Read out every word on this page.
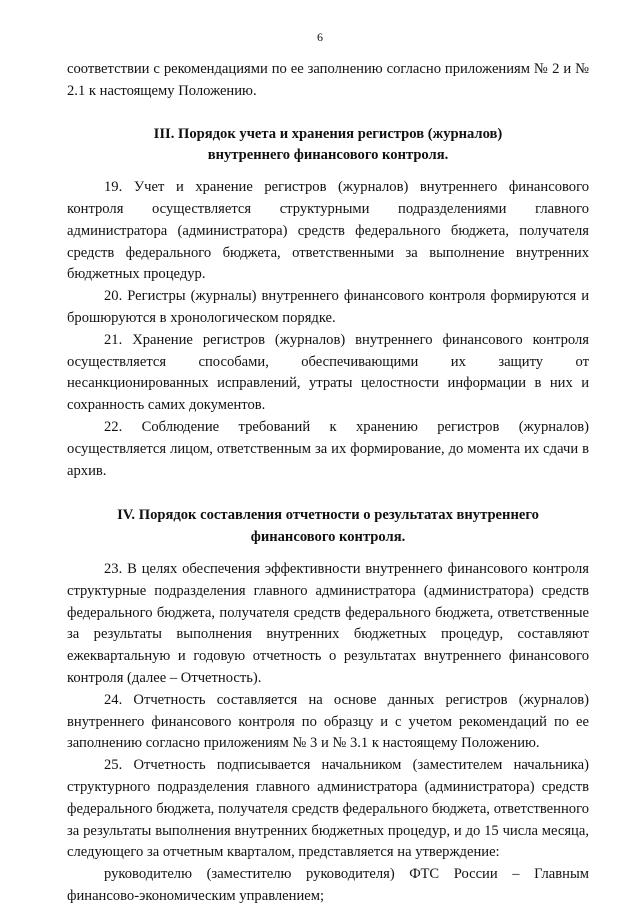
6

соответствии с рекомендациями по ее заполнению согласно приложениям № 2 и № 2.1 к настоящему Положению.

III. Порядок учета и хранения регистров (журналов)
внутреннего финансового контроля.

19. Учет и хранение регистров (журналов) внутреннего финансового контроля осуществляется структурными подразделениями главного администратора (администратора) средств федерального бюджета, получателя средств федерального бюджета, ответственными за выполнение внутренних бюджетных процедур.

20. Регистры (журналы) внутреннего финансового контроля формируются и брошюруются в хронологическом порядке.

21. Хранение регистров (журналов) внутреннего финансового контроля осуществляется способами, обеспечивающими их защиту от несанкционированных исправлений, утраты целостности информации в них и сохранность самих документов.

22. Соблюдение требований к хранению регистров (журналов) осуществляется лицом, ответственным за их формирование, до момента их сдачи в архив.

IV. Порядок составления отчетности о результатах внутреннего
финансового контроля.

23. В целях обеспечения эффективности внутреннего финансового контроля структурные подразделения главного администратора (администратора) средств федерального бюджета, получателя средств федерального бюджета, ответственные за результаты выполнения внутренних бюджетных процедур, составляют ежеквартальную и годовую отчетность о результатах внутреннего финансового контроля (далее – Отчетность).

24. Отчетность составляется на основе данных регистров (журналов) внутреннего финансового контроля по образцу и с учетом рекомендаций по ее заполнению согласно приложениям № 3 и № 3.1 к настоящему Положению.

25. Отчетность подписывается начальником (заместителем начальника) структурного подразделения главного администратора (администратора) средств федерального бюджета, получателя средств федерального бюджета, ответственного за результаты выполнения внутренних бюджетных процедур, и до 15 числа месяца, следующего за отчетным кварталом, представляется на утверждение:

руководителю (заместителю руководителя) ФТС России – Главным финансово-экономическим управлением;
